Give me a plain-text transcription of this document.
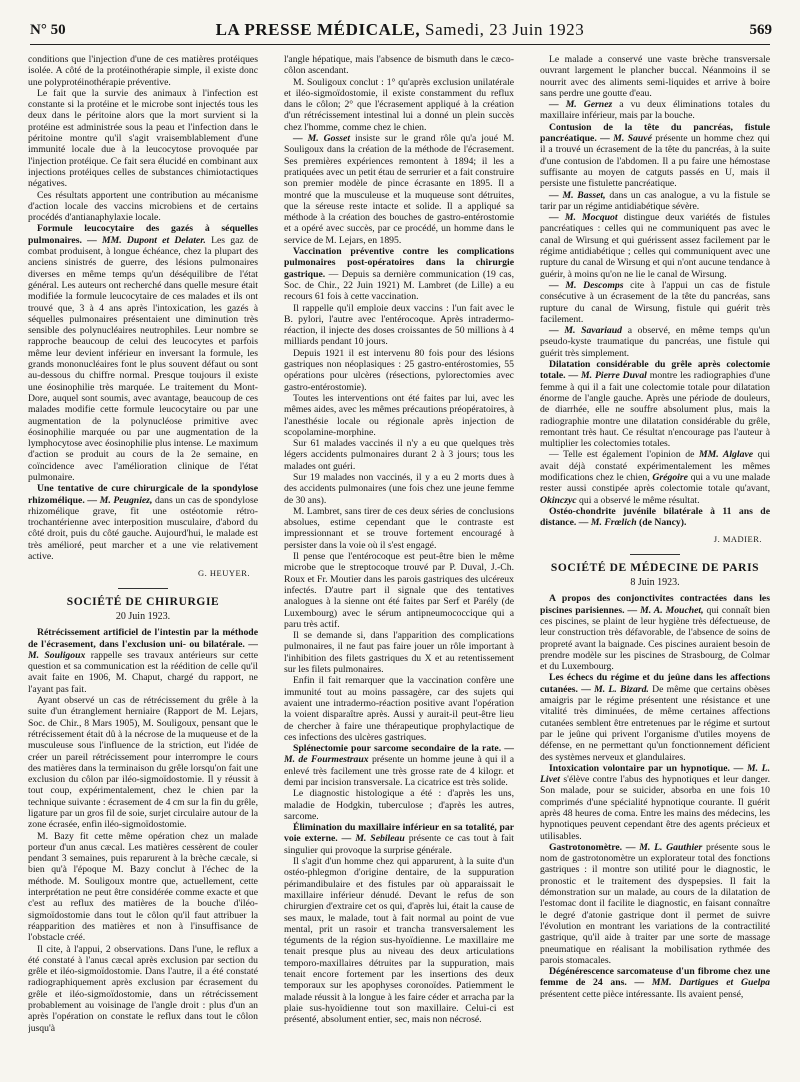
N° 50	LA PRESSE MÉDICALE, Samedi, 23 Juin 1923	569

conditions que l'injection d'une de ces matières protéiques isolée. A côté de la protéinothérapie simple, il existe donc une polyprotéinothérapie préventive.

Le fait que la survie des animaux à l'infection est constante si la protéine et le microbe sont injectés tous les deux dans le péritoine alors que la mort survient si la protéine est administrée sous la peau et l'infection dans le péritoine montre qu'il s'agit vraisemblablement d'une immunité locale due à la leucocytose provoquée par l'injection protéique. Ce fait sera élucidé en combinant aux injections protéiques celles de substances chimiotactiques négatives.

Ces résultats apportent une contribution au mécanisme d'action locale des vaccins microbiens et de certains procédés d'antianaphylaxie locale.

Formule leucocytaire des gazés à séquelles pulmonaires. — MM. Dupont et Delater. Les gaz de combat produisent, à longue échéance, chez la plupart des anciens sinistrés de guerre, des lésions pulmonaires diverses en même temps qu'un déséquilibre de l'état général. Les auteurs ont recherché dans quelle mesure était modifiée la formule leucocytaire de ces malades et ils ont trouvé que, 3 à 4 ans après l'intoxication, les gazés à séquelles pulmonaires présentaient une diminution très sensible des polynucléaires neutrophiles. Leur nombre se rapproche beaucoup de celui des leucocytes et parfois même leur devient inférieur en inversant la formule, les grands mononucléaires font le plus souvent défaut ou sont au-dessous du chiffre normal. Presque toujours il existe une éosinophilie très marquée. Le traitement du Mont-Dore, auquel sont soumis, avec avantage, beaucoup de ces malades modifie cette formule leucocytaire ou par une augmentation de la polynucléose primitive avec éosinophilie marquée ou par une augmentation de la lymphocytose avec éosinophilie plus intense. Le maximum d'action se produit au cours de la 2e semaine, en coïncidence avec l'amélioration clinique de l'état pulmonaire.

Une tentative de cure chirurgicale de la spondylose rhizomélique. — M. Peugniez, dans un cas de spondylose rhizomélique grave, fit une ostéotomie rétro-trochantérienne avec interposition musculaire, d'abord du côté droit, puis du côté gauche. Aujourd'hui, le malade est très amélioré, peut marcher et a une vie relativement active.

G. HEUYER.
SOCIÉTÉ DE CHIRURGIE
20 Juin 1923.

Rétrécissement artificiel de l'intestin par la méthode de l'écrasement, dans l'exclusion uni- ou bilatérale. — M. Souligoux rappelle ses travaux antérieurs sur cette question et sa communication est la réédition de celle qu'il avait faite en 1906, M. Chaput, chargé du rapport, ne l'ayant pas fait.

Ayant observé un cas de rétrécissement du grêle à la suite d'un étranglement herniaire (Rapport de M. Lejars, Soc. de Chir., 8 Mars 1905), M. Souligoux, pensant que le rétrécissement était dû à la nécrose de la muqueuse et de la musculeuse sous l'influence de la striction, eut l'idée de créer un pareil rétrécissement pour interrompre le cours des matières dans la terminaison du grêle lorsqu'on fait une exclusion du côlon par iléo-sigmoïdostomie. Il y réussit à tout coup, expérimentalement, chez le chien par la technique suivante : écrasement de 4 cm sur la fin du grêle, ligature par un gros fil de soie, surjet circulaire autour de la zone écrasée, enfin iléo-sigmoïdostomie.

M. Bazy fit cette même opération chez un malade porteur d'un anus cæcal. Les matières cessèrent de couler pendant 3 semaines, puis reparurent à la brèche cæcale, si bien qu'à l'époque M. Bazy conclut à l'échec de la méthode. M. Souligoux montre que, actuellement, cette interprétation ne peut être considérée comme exacte et que c'est au reflux des matières de la bouche d'iléo-sigmoïdostomie dans tout le côlon qu'il faut attribuer la réapparition des matières et non à l'insuffisance de l'obstacle créé.

Il cite, à l'appui, 2 observations. Dans l'une, le reflux a été constaté à l'anus cæcal après exclusion par section du grêle et iléo-sigmoïdostomie. Dans l'autre, il a été constaté radiographiquement après exclusion par écrasement du grêle et iléo-sigmoïdostomie, dans un rétrécissement probablement au voisinage de l'angle droit : plus d'un an après l'opération on constate le reflux dans tout le côlon jusqu'à

l'angle hépatique, mais l'absence de bismuth dans le cæco-côlon ascendant.

M. Souligoux conclut : 1° qu'après exclusion unilatérale et iléo-sigmoïdostomie, il existe constamment du reflux dans le côlon; 2° que l'écrasement appliqué à la création d'un rétrécissement intestinal lui a donné un plein succès chez l'homme, comme chez le chien.

— M. Gosset insiste sur le grand rôle qu'a joué M. Souligoux dans la création de la méthode de l'écrasement. Ses premières expériences remontent à 1894; il les a pratiquées avec un petit étau de serrurier et a fait construire son premier modèle de pince écrasante en 1895. Il a montré que la musculeuse et la muqueuse sont détruites, que la séreuse reste intacte et solide. Il a appliqué sa méthode à la création des bouches de gastro-entérostomie et a opéré avec succès, par ce procédé, un homme dans le service de M. Lejars, en 1895.

Vaccination préventive contre les complications pulmonaires post-opératoires dans la chirurgie gastrique. — Depuis sa dernière communication (19 cas, Soc. de Chir., 22 Juin 1921) M. Lambret (de Lille) a eu recours 61 fois à cette vaccination.

Il rappelle qu'il emploie deux vaccins : l'un fait avec le B. pylori, l'autre avec l'entérocoque. Après intradermo-réaction, il injecte des doses croissantes de 50 millions à 4 milliards pendant 10 jours.

Depuis 1921 il est intervenu 80 fois pour des lésions gastriques non néoplasiques : 25 gastro-entérostomies, 55 opérations pour ulcères (résections, pylorectomies avec gastro-entérostomie).

Toutes les interventions ont été faites par lui, avec les mêmes aides, avec les mêmes précautions préopératoires, à l'anesthésie locale ou régionale après injection de scopolamine-morphine.

Sur 61 malades vaccinés il n'y a eu que quelques très légers accidents pulmonaires durant 2 à 3 jours; tous les malades ont guéri.

Sur 19 malades non vaccinés, il y a eu 2 morts dues à des accidents pulmonaires (une fois chez une jeune femme de 30 ans).

M. Lambret, sans tirer de ces deux séries de conclusions absolues, estime cependant que le contraste est impressionnant et se trouve fortement encouragé à persister dans la voie où il s'est engagé.

Il pense que l'entérocoque est peut-être bien le même microbe que le streptocoque trouvé par P. Duval, J.-Ch. Roux et Fr. Moutier dans les parois gastriques des ulcéreux infectés. D'autre part il signale que des tentatives analogues à la sienne ont été faites par Serf et Parély (de Luxembourg) avec le sérum antipneumococcique qui a paru très actif.

Il se demande si, dans l'apparition des complications pulmonaires, il ne faut pas faire jouer un rôle important à l'inhibition des filets gastriques du X et au retentissement sur les filets pulmonaires.

Enfin il fait remarquer que la vaccination confère une immunité tout au moins passagère, car des sujets qui avaient une intradermo-réaction positive avant l'opération la voient disparaître après. Aussi y aurait-il peut-être lieu de chercher à faire une thérapeutique prophylactique de ces infections des ulcères gastriques.

Splénectomie pour sarcome secondaire de la rate. — M. de Fourmestraux présente un homme jeune à qui il a enlevé très facilement une très grosse rate de 4 kilogr. et demi par incision transversale. La cicatrice est très solide.

Le diagnostic histologique a été : d'après les uns, maladie de Hodgkin, tuberculose ; d'après les autres, sarcome.

Élimination du maxillaire inférieur en sa totalité, par voie externe. — M. Sebileau présente ce cas tout à fait singulier qui provoque la surprise générale.

Il s'agit d'un homme chez qui apparurent, à la suite d'un ostéo-phlegmon d'origine dentaire, de la suppuration périmandibulaire et des fistules par où apparaissait le maxillaire inférieur dénudé. Devant le refus de son chirurgien d'extraire cet os qui, d'après lui, était la cause de ses maux, le malade, tout à fait normal au point de vue mental, prit un rasoir et trancha transversalement les téguments de la région sus-hyoïdienne. Le maxillaire me tenait presque plus au niveau des deux articulations temporo-maxillaires détruites par la suppuration, mais tenait encore fortement par les insertions des deux temporaux sur les apophyses coronoïdes. Patiemment le malade réussit à la longue à les faire céder et arracha par la plaie sus-hyoïdienne tout son maxillaire. Celui-ci est présenté, absolument entier, sec, mais non nécrosé.

Le malade a conservé une vaste brèche transversale ouvrant largement le plancher buccal. Néanmoins il se nourrit avec des aliments semi-liquides et arrive à boire sans perdre une goutte d'eau.

— M. Gernez a vu deux éliminations totales du maxillaire inférieur, mais par la bouche.

Contusion de la tête du pancréas, fistule pancréatique. — M. Sauvé présente un homme chez qui il a trouvé un écrasement de la tête du pancréas, à la suite d'une contusion de l'abdomen. Il a pu faire une hémostase suffisante au moyen de catguts passés en U, mais il persiste une fistulette pancréatique.

— M. Basset, dans un cas analogue, a vu la fistule se tarir par un régime antidiabétique sévère.

— M. Mocquot distingue deux variétés de fistules pancréatiques : celles qui ne communiquent pas avec le canal de Wirsung et qui guérissent assez facilement par le régime antidiabétique ; celles qui communiquent avec une rupture du canal de Wirsung et qui n'ont aucune tendance à guérir, à moins qu'on ne lie le canal de Wirsung.

— M. Descomps cite à l'appui un cas de fistule consécutive à un écrasement de la tête du pancréas, sans rupture du canal de Wirsung, fistule qui guérit très facilement.

— M. Savariaud a observé, en même temps qu'un pseudo-kyste traumatique du pancréas, une fistule qui guérit très simplement.

Dilatation considérable du grêle après colectomie totale. — M. Pierre Duval montre les radiographies d'une femme à qui il a fait une colectomie totale pour dilatation énorme de l'angle gauche. Après une période de douleurs, de diarrhée, elle ne souffre absolument plus, mais la radiographie montre une dilatation considérable du grêle, remontant très haut. Ce résultat n'encourage pas l'auteur à multiplier les colectomies totales.

— Telle est également l'opinion de MM. Alglave qui avait déjà constaté expérimentalement les mêmes modifications chez le chien, Grégoire qui a vu une malade rester aussi constipée après colectomie totale qu'avant, Okinczyc qui a observé le même résultat.

Ostéo-chondrite juvénile bilatérale à 11 ans de distance. — M. Frœlich (de Nancy).

J. MADIER.
SOCIÉTÉ DE MÉDECINE DE PARIS
8 Juin 1923.

A propos des conjonctivites contractées dans les piscines parisiennes. — M. A. Mouchet, qui connaît bien ces piscines, se plaint de leur hygiène très défectueuse, de leur construction très défavorable, de l'absence de soins de propreté avant la baignade. Ces piscines auraient besoin de prendre modèle sur les piscines de Strasbourg, de Colmar et du Luxembourg.

Les échecs du régime et du jeûne dans les affections cutanées. — M. L. Bizard. De même que certains obèses amaigris par le régime présentent une résistance et une vitalité très diminuées, de même certaines affections cutanées semblent être entretenues par le régime et surtout par le jeûne qui privent l'organisme d'utiles moyens de défense, en ne permettant qu'un fonctionnement déficient des systèmes nerveux et glandulaires.

Intoxication volontaire par un hypnotique. — M. L. Livet s'élève contre l'abus des hypnotiques et leur danger. Son malade, pour se suicider, absorba en une fois 10 comprimés d'une spécialité hypnotique courante. Il guérit après 48 heures de coma. Entre les mains des médecins, les hypnotiques peuvent cependant être des agents précieux et utilisables.

Gastrotonomètre. — M. L. Gauthier présente sous le nom de gastrotonomètre un explorateur total des fonctions gastriques : il montre son utilité pour le diagnostic, le pronostic et le traitement des dyspepsies. Il fait la démonstration sur un malade, au cours de la dilatation de l'estomac dont il facilite le diagnostic, en faisant connaître le degré d'atonie gastrique dont il permet de suivre l'évolution en montrant les variations de la contractilité gastrique, qu'il aide à traiter par une sorte de massage pneumatique en réalisant la mobilisation rythmée des parois stomacales.

Dégénérescence sarcomateuse d'un fibrome chez une femme de 24 ans. — MM. Dartigues et Guelpa présentent cette pièce intéressante. Ils avaient pensé,
